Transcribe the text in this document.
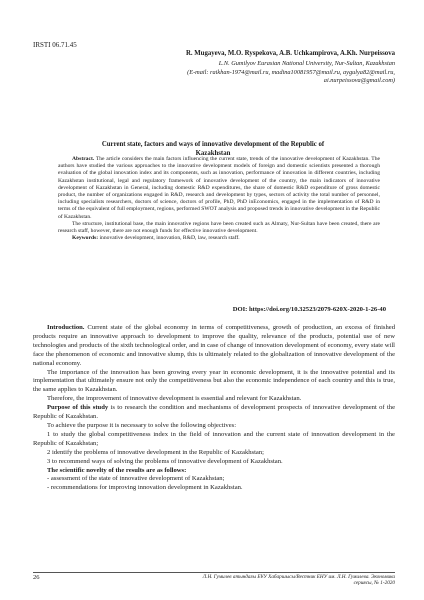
IRSTI 06.71.45
R. Mugayeva, M.O. Ryspekova, A.B. Uchkampirova, A.Kh. Nurpeissova
L.N. Gumilyov Eurasian National University, Nur-Sultan, Kazakhstan
(E-mail: raikhan-1974@mail.ru, madina10081957@mail.ru, aygulya82@mail.ru,
ai.nurpeissova@gmail.com)
Current state, factors and ways of innovative development of the Republic of
Kazakhstan

Abstract. The article considers the main factors influencing the current state, trends of the innovative development of Kazakhstan. The authors have studied the various approaches to the innovative development models of foreign and domestic scientists presented a thorough evaluation of the global innovation index and its components, such as innovation, performance of innovation in different countries, including Kazakhstan institutional, legal and regulatory framework of innovative development of the country, the main indicators of innovative development of Kazakhstan in General, including domestic R&D expenditures, the share of domestic R&D expenditure of gross domestic product, the number of organizations engaged in R&D, research and development by types, sectors of activity the total number of personnel, including specialists researchers, doctors of science, doctors of profile, PhD, PhD inEconomics, engaged in the implementation of R&D in terms of the equivalent of full employment, regions, performed SWOT analysis and proposed trends in innovative development in the Republic of Kazakhstan.

The structure, institutional base, the main innovative regions have been created such as Almaty, Nur-Sultan have been created, there are research staff, however, there are not enough funds for effective innovative development.

Keywords: innovative development, innovation, R&D, law, research staff.

DOI: https://doi.org/10.32523/2079-620X-2020-1-26-40

Introduction. Current state of the global economy in terms of competitiveness, growth of production, an excess of finished products require an innovative approach to development to improve the quality, relevance of the products, potential use of new technologies and products of the sixth technological order, and in case of change of innovation development of economy, every state will face the phenomenon of economic and innovative slump, this is ultimately related to the globalization of innovative development of the national economy.

The importance of the innovation has been growing every year in economic development, it is the innovative potential and its implementation that ultimately ensure not only the competitiveness but also the economic independence of each country and this is true, the same applies to Kazakhstan.

Therefore, the improvement of innovative development is essential and relevant for Kazakhstan.

Purpose of this study is to research the condition and mechanisms of development prospects of innovative development of the Republic of Kazakhstan.

To achieve the purpose it is necessary to solve the following objectives:

1 to study the global competitiveness index in the field of innovation and the current state of innovation development in the Republic of Kazakhstan;

2 identify the problems of innovative development in the Republic of Kazakhstan;

3 to recommend ways of solving the problems of innovative development of Kazakhstan.

The scientific novelty of the results are as follows:

- assessment of the state of innovative development of Kazakhstan;

- recommendations for improving innovation development in Kazakhstan.

26	Л.Н. Гумилев атындағы ЕҰУ Хабаршысы/Вестник ЕНУ им. Л.Н. Гумилева. Экономика сериясы, № 1-2020
